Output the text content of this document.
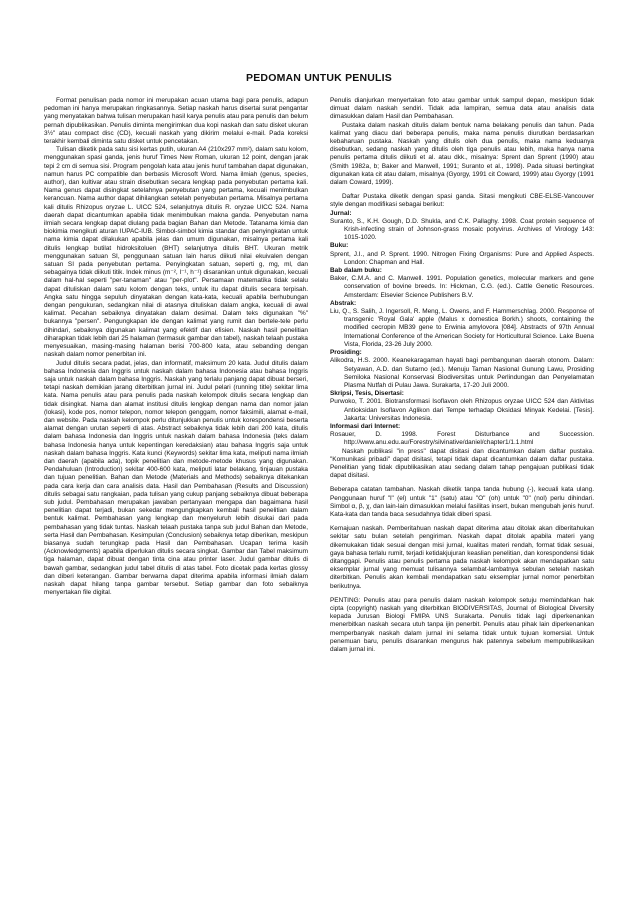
PEDOMAN UNTUK PENULIS

Format penulisan pada nomor ini merupakan acuan utama bagi para penulis, adapun pedoman ini hanya merupakan ringkasannya. Setiap naskah harus disertai surat pengantar yang menyatakan bahwa tulisan merupakan hasil karya penulis atau para penulis dan belum pernah dipublikasikan. Penulis diminta mengirimkan dua kopi naskah dan satu disket ukuran 3½" atau compact disc (CD), kecuali naskah yang dikirim melalui e-mail. Pada koreksi terakhir kembali diminta satu disket untuk pencetakan.

Tulisan diketik pada satu sisi kertas putih, ukuran A4 (210x297 mm²), dalam satu kolom, menggunakan spasi ganda, jenis huruf Times New Roman, ukuran 12 point, dengan jarak tepi 2 cm di semua sisi. Program pengolah kata atau jenis huruf tambahan dapat digunakan, namun harus PC compatible dan berbasis Microsoft Word. Nama ilmiah (genus, species, author), dan kultivar atau strain disebutkan secara lengkap pada penyebutan pertama kali. Nama genus dapat disingkat setelahnya penyebutan yang pertama, kecuali menimbulkan kerancuan. Nama author dapat dihilangkan setelah penyebutan pertama. Misalnya pertama kali ditulis Rhizopus oryzae L. UICC 524, selanjutnya ditulis R. oryzae UICC 524. Nama daerah dapat dicantumkan apabila tidak menimbulkan makna ganda. Penyebutan nama ilmiah secara lengkap dapat diulang pada bagian Bahan dan Metode. Tatanama kimia dan biokimia mengikuti aturan IUPAC-IUB. Simbol-simbol kimia standar dan penyingkatan untuk nama kimia dapat dilakukan apabila jelas dan umum digunakan, misalnya pertama kali ditulis lengkap butilat hidroksitoluen (BHT) selanjutnya ditulis BHT. Ukuran metrik menggunakan satuan SI, penggunaan satuan lain harus diikuti nilai ekuivalen dengan satuan SI pada penyebutan pertama. Penyingkatan satuan, seperti g, mg, ml, dan sebagainya tidak diikuti titik. Indek minus (m⁻², l⁻¹, h⁻¹) disarankan untuk digunakan, kecuali dalam hal-hal seperti "per-tanaman" atau "per-plot". Persamaan matematika tidak selalu dapat dituliskan dalam satu kolom dengan teks, untuk itu dapat ditulis secara terpisah. Angka satu hingga sepuluh dinyatakan dengan kata-kata, kecuali apabila berhubungan dengan pengukuran, sedangkan nilai di atasnya dituliskan dalam angka, kecuali di awal kalimat. Pecahan sebaiknya dinyatakan dalam desimal. Dalam teks digunakan "%" bukannya "persen". Pengungkapan ide dengan kalimat yang rumit dan bertele-tele perlu dihindari, sebaiknya digunakan kalimat yang efektif dan efisien. Naskah hasil penelitian diharapkan tidak lebih dari 25 halaman (termasuk gambar dan tabel), naskah telaah pustaka menyesuaikan, masing-masing halaman berisi 700-800 kata, atau sebanding dengan naskah dalam nomor penerbitan ini.

Judul ditulis secara padat, jelas, dan informatif, maksimum 20 kata. Judul ditulis dalam bahasa Indonesia dan Inggris untuk naskah dalam bahasa Indonesia atau bahasa Inggris saja untuk naskah dalam bahasa Inggris. Naskah yang terlalu panjang dapat dibuat berseri, tetapi naskah demikian jarang diterbitkan jurnal ini. Judul pelari (running title) sekitar lima kata. Nama penulis atau para penulis pada naskah kelompok ditulis secara lengkap dan tidak disingkat. Nama dan alamat institusi ditulis lengkap dengan nama dan nomor jalan (lokasi), kode pos, nomor telepon, nomor telepon genggam, nomor faksimili, alamat e-mail, dan website. Pada naskah kelompok perlu ditunjukkan penulis untuk korespondensi beserta alamat dengan urutan seperti di atas. Abstract sebaiknya tidak lebih dari 200 kata, ditulis dalam bahasa Indonesia dan Inggris untuk naskah dalam bahasa Indonesia (teks dalam bahasa Indonesia hanya untuk kepentingan keredaksian) atau bahasa Inggris saja untuk naskah dalam bahasa Inggris. Kata kunci (Keywords) sekitar lima kata, meliputi nama ilmiah dan daerah (apabila ada), topik penelitian dan metode-metode khusus yang digunakan. Pendahuluan (Introduction) sekitar 400-600 kata, meliputi latar belakang, tinjauan pustaka dan tujuan penelitian. Bahan dan Metode (Materials and Methods) sebaiknya ditekankan pada cara kerja dan cara analisis data. Hasil dan Pembahasan (Results and Discussion) ditulis sebagai satu rangkaian, pada tulisan yang cukup panjang sebaiknya dibuat beberapa sub judul. Pembahasan merupakan jawaban pertanyaan mengapa dan bagaimana hasil penelitian dapat terjadi, bukan sekedar mengungkapkan kembali hasil penelitian dalam bentuk kalimat. Pembahasan yang lengkap dan menyeluruh lebih disukai dari pada pembahasan yang tidak tuntas. Naskah telaah pustaka tanpa sub judul Bahan dan Metode, serta Hasil dan Pembahasan. Kesimpulan (Conclusion) sebaiknya tetap diberikan, meskipun biasanya sudah terungkap pada Hasil dan Pembahasan. Ucapan terima kasih (Acknowledgments) apabila diperlukan ditulis secara singkat. Gambar dan Tabel maksimum tiga halaman, dapat dibuat dengan tinta cina atau printer laser. Judul gambar ditulis di bawah gambar, sedangkan judul tabel ditulis di atas tabel. Foto dicetak pada kertas glossy dan diberi keterangan. Gambar berwarna dapat diterima apabila informasi ilmiah dalam naskah dapat hilang tanpa gambar tersebut. Setiap gambar dan foto sebaiknya menyertakan file digital.

Penulis dianjurkan menyertakan foto atau gambar untuk sampul depan, meskipun tidak dimuat dalam naskah sendiri. Tidak ada lampiran, semua data atau analisis data dimasukkan dalam Hasil dan Pembahasan.

Pustaka dalam naskah ditulis dalam bentuk nama belakang penulis dan tahun. Pada kalimat yang diacu dari beberapa penulis, maka nama penulis diurutkan berdasarkan kebaharuan pustaka. Naskah yang ditulis oleh dua penulis, maka nama keduanya disebutkan, sedang naskah yang ditulis oleh tiga penulis atau lebih, maka hanya nama penulis pertama ditulis diikuti et al. atau dkk., misalnya: Sprent dan Sprent (1990) atau (Smith 1982a, b; Baker and Manwell, 1991; Suranto et al., 1998). Pada situasi bertingkat digunakan kata cit atau dalam, misalnya (Gyorgy, 1991 cit Coward, 1999) atau Gyorgy (1991 dalam Coward, 1999).

Daftar Pustaka diketik dengan spasi ganda. Sitasi mengikuti CBE-ELSE-Vancouver style dengan modifikasi sebagai berikut:

Jurnal:

Suranto, S., K.H. Gough, D.D. Shukla, and C.K. Pallaghy. 1998. Coat protein sequence of Krish-infecting strain of Johnson-grass mosaic potyvirus. Archives of Virology 143: 1015-1020.

Buku:

Sprent, J.I., and P. Sprent. 1990. Nitrogen Fixing Organisms: Pure and Applied Aspects. London: Chapman and Hall.

Bab dalam buku:

Baker, C.M.A. and C. Manwell. 1991. Population genetics, molecular markers and gene conservation of bovine breeds. In: Hickman, C.G. (ed.). Cattle Genetic Resources. Amsterdam: Elsevier Science Publishers B.V.

Abstrak:

Liu, Q., S. Salih, J. Ingersoll, R. Meng, L. Owens, and F. Hammerschlag. 2000. Response of transgenic 'Royal Gala' apple (Malus x domestica Borkh.) shoots, containing the modified cecropin MB39 gene to Erwinia amylovora [084]. Abstracts of 97th Annual International Conference of the American Society for Horticultural Science. Lake Buena Vista, Florida, 23-26 July 2000.

Prosiding:

Alikodra, H.S. 2000. Keanekaragaman hayati bagi pembangunan daerah otonom. Dalam: Setyawan, A.D. dan Sutarno (ed.). Menuju Taman Nasional Gunung Lawu, Prosiding Semiloka Nasional Konservasi Biodiversitas untuk Perlindungan dan Penyelamatan Plasma Nutfah di Pulau Jawa. Surakarta, 17-20 Juli 2000.

Skripsi, Tesis, Disertasi:

Purwoko, T. 2001. Biotransformasi Isoflavon oleh Rhizopus oryzae UICC 524 dan Aktivitas Antioksidan Isoflavon Aglikon dari Tempe terhadap Oksidasi Minyak Kedelai. [Tesis]. Jakarta: Universitas Indonesia.

Informasi dari Internet:

Rosauer, D. 1998. Forest Disturbance and Succession. http://www.anu.edu.au/Forestry/silvinative/daniel/chapter1/1.1.html

Naskah publikasi "in press" dapat disitasi dan dicantumkan dalam daftar pustaka. "Komunikasi pribadi" dapat disitasi, tetapi tidak dapat dicantumkan dalam daftar pustaka. Penelitian yang tidak dipublikasikan atau sedang dalam tahap pengajuan publikasi tidak dapat disitasi.

Beberapa catatan tambahan. Naskah diketik tanpa tanda hubung (-), kecuali kata ulang. Penggunaan huruf "l" (el) untuk "1" (satu) atau "O" (oh) untuk "0" (nol) perlu dihindari. Simbol α, β, χ, dan lain-lain dimasukkan melalui fasilitas insert, bukan mengubah jenis huruf. Kata-kata dan tanda baca sesudahnya tidak diberi spasi.

Kemajuan naskah. Pemberitahuan naskah dapat diterima atau ditolak akan diberitahukan sekitar satu bulan setelah pengiriman. Naskah dapat ditolak apabila materi yang dikemukakan tidak sesuai dengan misi jurnal, kualitas materi rendah, format tidak sesuai, gaya bahasa terlalu rumit, terjadi ketidakjujuran keaslian penelitian, dan korespondensi tidak ditanggapi. Penulis atau penulis pertama pada naskah kelompok akan mendapatkan satu eksemplar jurnal yang memuat tulisannya selambat-lambatnya sebulan setelah naskah diterbitkan. Penulis akan kembali mendapatkan satu eksemplar jurnal nomor penerbitan berikutnya.

PENTING: Penulis atau para penulis dalam naskah kelompok setuju memindahkan hak cipta (copyright) naskah yang diterbitkan BIODIVERSITAS, Journal of Biological Diversity kepada Jurusan Biologi FMIPA UNS Surakarta. Penulis tidak lagi diperkenankan menerbitkan naskah secara utuh tanpa ijin penerbit. Penulis atau pihak lain diperkenankan memperbanyak naskah dalam jurnal ini selama tidak untuk tujuan komersial. Untuk penemuan baru, penulis disarankan mengurus hak patennya sebelum mempublikasikan dalam jurnal ini.
